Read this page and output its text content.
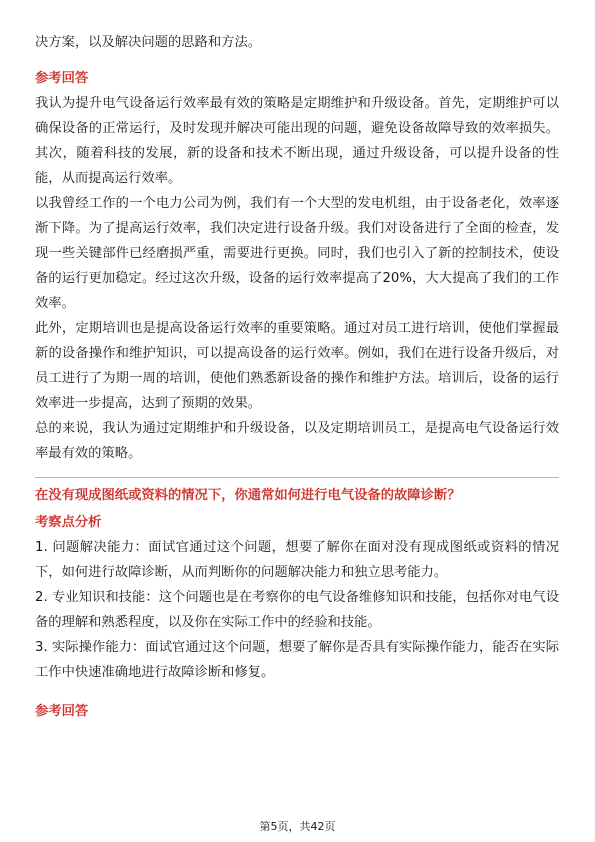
决方案，以及解决问题的思路和方法。

参考回答

我认为提升电气设备运行效率最有效的策略是定期维护和升级设备。首先，定期维护可以确保设备的正常运行，及时发现并解决可能出现的问题，避免设备故障导致的效率损失。其次，随着科技的发展，新的设备和技术不断出现，通过升级设备，可以提升设备的性能，从而提高运行效率。

以我曾经工作的一个电力公司为例，我们有一个大型的发电机组，由于设备老化，效率逐渐下降。为了提高运行效率，我们决定进行设备升级。我们对设备进行了全面的检查，发现一些关键部件已经磨损严重，需要进行更换。同时，我们也引入了新的控制技术，使设备的运行更加稳定。经过这次升级，设备的运行效率提高了20%，大大提高了我们的工作效率。

此外，定期培训也是提高设备运行效率的重要策略。通过对员工进行培训，使他们掌握最新的设备操作和维护知识，可以提高设备的运行效率。例如，我们在进行设备升级后，对员工进行了为期一周的培训，使他们熟悉新设备的操作和维护方法。培训后，设备的运行效率进一步提高，达到了预期的效果。

总的来说，我认为通过定期维护和升级设备，以及定期培训员工，是提高电气设备运行效率最有效的策略。

在没有现成图纸或资料的情况下，你通常如何进行电气设备的故障诊断？
考察点分析

1. 问题解决能力：面试官通过这个问题，想要了解你在面对没有现成图纸或资料的情况下，如何进行故障诊断，从而判断你的问题解决能力和独立思考能力。

2. 专业知识和技能：这个问题也是在考察你的电气设备维修知识和技能，包括你对电气设备的理解和熟悉程度，以及你在实际工作中的经验和技能。

3. 实际操作能力：面试官通过这个问题，想要了解你是否具有实际操作能力，能否在实际工作中快速准确地进行故障诊断和修复。

参考回答
第5页，共42页
